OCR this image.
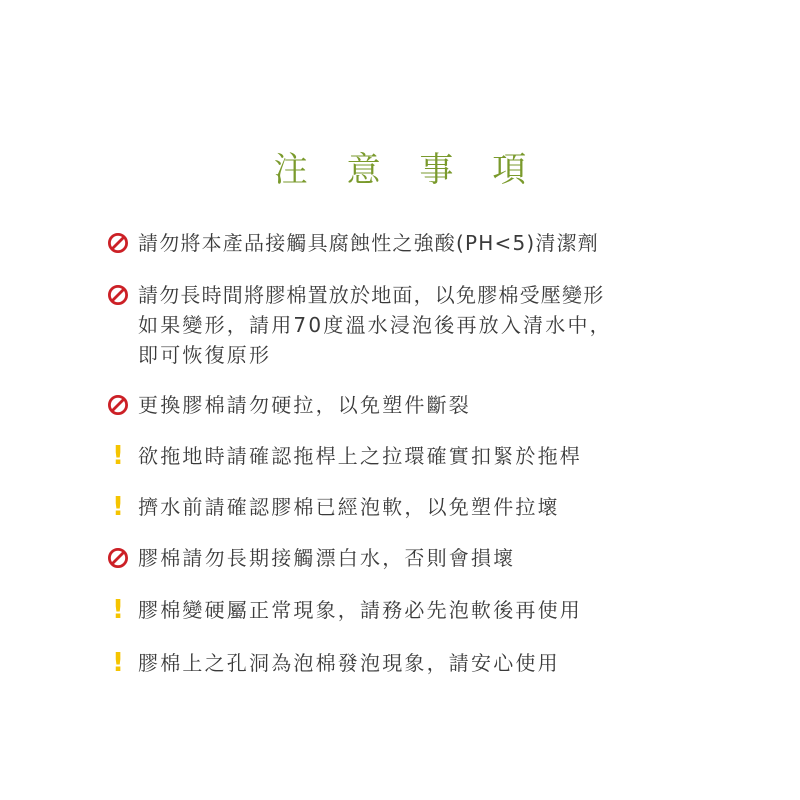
注 意 事 項
請勿將本產品接觸具腐蝕性之強酸(PH<5)清潔劑
請勿長時間將膠棉置放於地面，以免膠棉受壓變形
如果變形，請用70度溫水浸泡後再放入清水中，
即可恢復原形
更換膠棉請勿硬拉，以免塑件斷裂
! 欲拖地時請確認拖桿上之拉環確實扣緊於拖桿
! 擠水前請確認膠棉已經泡軟，以免塑件拉壞
膠棉請勿長期接觸漂白水，否則會損壞
! 膠棉變硬屬正常現象，請務必先泡軟後再使用
! 膠棉上之孔洞為泡棉發泡現象，請安心使用
